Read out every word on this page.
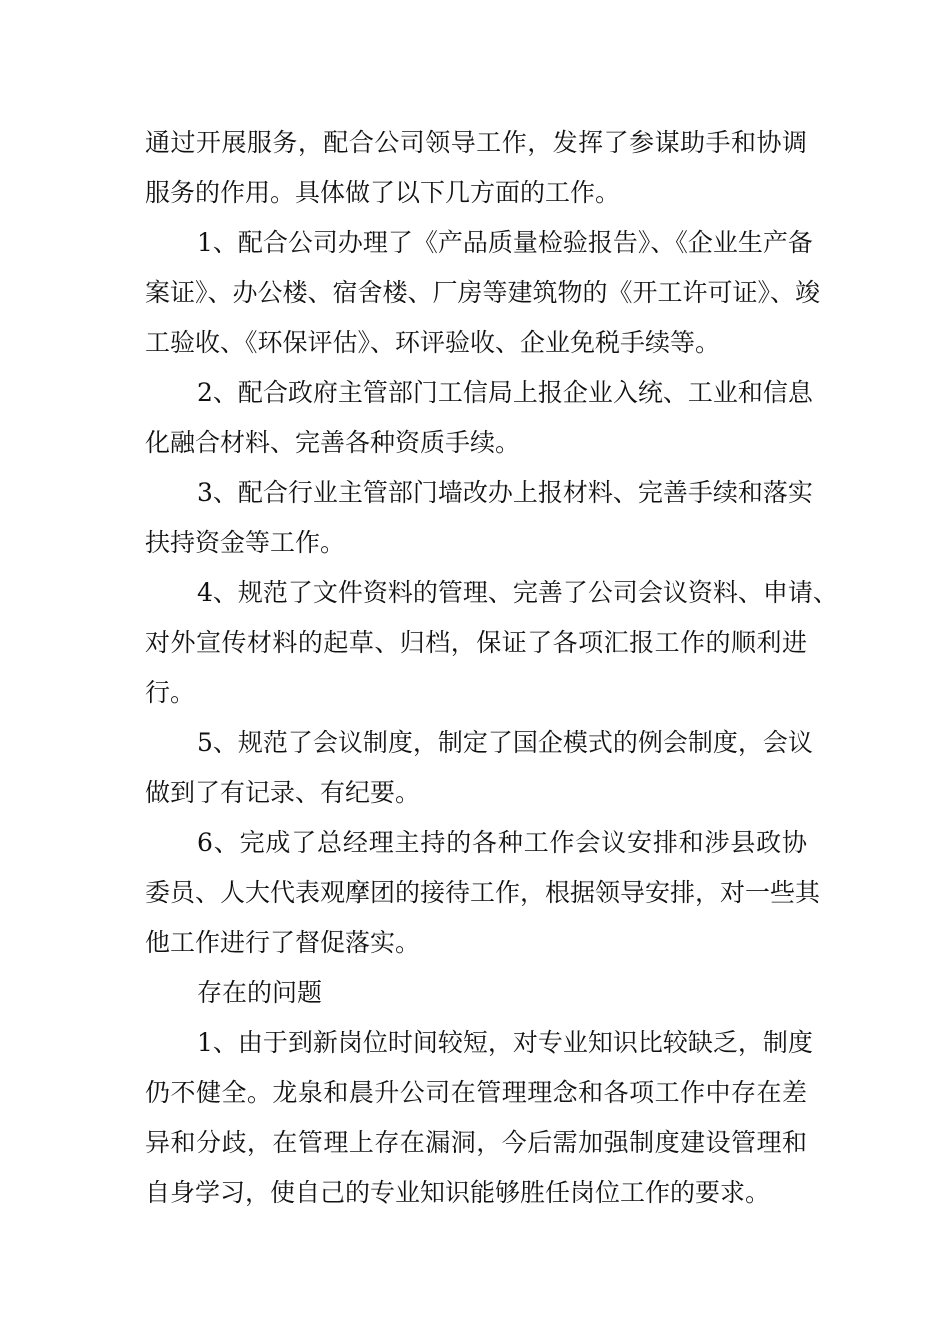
通过开展服务，配合公司领导工作，发挥了参谋助手和协调
服务的作用。具体做了以下几方面的工作。
1、配合公司办理了《产品质量检验报告》、《企业生产备
案证》、办公楼、宿舍楼、厂房等建筑物的《开工许可证》、竣
工验收、《环保评估》、环评验收、企业免税手续等。
2、配合政府主管部门工信局上报企业入统、工业和信息
化融合材料、完善各种资质手续。
3、配合行业主管部门墙改办上报材料、完善手续和落实
扶持资金等工作。
4、规范了文件资料的管理、完善了公司会议资料、申请、
对外宣传材料的起草、归档，保证了各项汇报工作的顺利进
行。
5、规范了会议制度，制定了国企模式的例会制度，会议
做到了有记录、有纪要。
6、完成了总经理主持的各种工作会议安排和涉县政协
委员、人大代表观摩团的接待工作，根据领导安排，对一些其
他工作进行了督促落实。
存在的问题
1、由于到新岗位时间较短，对专业知识比较缺乏，制度
仍不健全。龙泉和晨升公司在管理理念和各项工作中存在差
异和分歧，在管理上存在漏洞，今后需加强制度建设管理和
自身学习，使自己的专业知识能够胜任岗位工作的要求。
